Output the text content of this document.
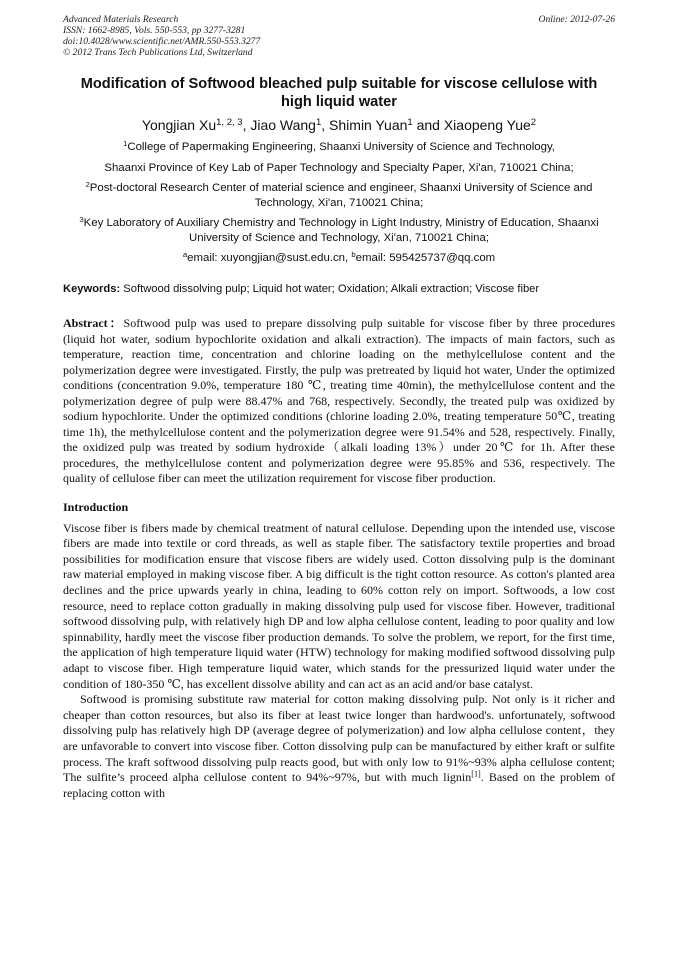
Advanced Materials Research
ISSN: 1662-8985, Vols. 550-553, pp 3277-3281
doi:10.4028/www.scientific.net/AMR.550-553.3277
© 2012 Trans Tech Publications Ltd, Switzerland
Online: 2012-07-26
Modification of Softwood bleached pulp suitable for viscose cellulose with high liquid water
Yongjian Xu$^{1, 2, 3}$, Jiao Wang$^1$, Shimin Yuan$^1$ and Xiaopeng Yue$^2$
$^1$College of Papermaking Engineering, Shaanxi University of Science and Technology,
Shaanxi Province of Key Lab of Paper Technology and Specialty Paper, Xi'an, 710021 China;
$^2$Post-doctoral Research Center of material science and engineer, Shaanxi University of Science and Technology, Xi'an, 710021 China;
$^3$Key Laboratory of Auxiliary Chemistry and Technology in Light Industry, Ministry of Education, Shaanxi University of Science and Technology, Xi'an, 710021 China;
$^a$email: xuyongjian@sust.edu.cn, $^b$email: 595425737@qq.com
Keywords: Softwood dissolving pulp; Liquid hot water; Oxidation; Alkali extraction; Viscose fiber
Abstract：Softwood pulp was used to prepare dissolving pulp suitable for viscose fiber by three procedures (liquid hot water, sodium hypochlorite oxidation and alkali extraction). The impacts of main factors, such as temperature, reaction time, concentration and chlorine loading on the methylcellulose content and the polymerization degree were investigated. Firstly, the pulp was pretreated by liquid hot water, Under the optimized conditions (concentration 9.0%, temperature 180 ℃, treating time 40min), the methylcellulose content and the polymerization degree of pulp were 88.47% and 768, respectively. Secondly, the treated pulp was oxidized by sodium hypochlorite. Under the optimized conditions (chlorine loading 2.0%, treating temperature 50℃, treating time 1h), the methylcellulose content and the polymerization degree were 91.54% and 528, respectively. Finally, the oxidized pulp was treated by sodium hydroxide（alkali loading 13%）under 20℃ for 1h. After these procedures, the methylcellulose content and polymerization degree were 95.85% and 536, respectively. The quality of cellulose fiber can meet the utilization requirement for viscose fiber production.
Introduction
Viscose fiber is fibers made by chemical treatment of natural cellulose. Depending upon the intended use, viscose fibers are made into textile or cord threads, as well as staple fiber. The satisfactory textile properties and broad possibilities for modification ensure that viscose fibers are widely used. Cotton dissolving pulp is the dominant raw material employed in making viscose fiber. A big difficult is the tight cotton resource. As cotton's planted area declines and the price upwards yearly in china, leading to 60% cotton rely on import. Softwoods, a low cost resource, need to replace cotton gradually in making dissolving pulp used for viscose fiber. However, traditional softwood dissolving pulp, with relatively high DP and low alpha cellulose content, leading to poor quality and low spinnability, hardly meet the viscose fiber production demands. To solve the problem, we report, for the first time, the application of high temperature liquid water (HTW) technology for making modified softwood dissolving pulp adapt to viscose fiber. High temperature liquid water, which stands for the pressurized liquid water under the condition of 180-350 ℃, has excellent dissolve ability and can act as an acid and/or base catalyst.
Softwood is promising substitute raw material for cotton making dissolving pulp. Not only is it richer and cheaper than cotton resources, but also its fiber at least twice longer than hardwood's. unfortunately, softwood dissolving pulp has relatively high DP (average degree of polymerization) and low alpha cellulose content，they are unfavorable to convert into viscose fiber. Cotton dissolving pulp can be manufactured by either kraft or sulfite process. The kraft softwood dissolving pulp reacts good, but with only low to 91%~93% alpha cellulose content; The sulfite’s proceed alpha cellulose content to 94%~97%, but with much lignin[1]. Based on the problem of replacing cotton with
